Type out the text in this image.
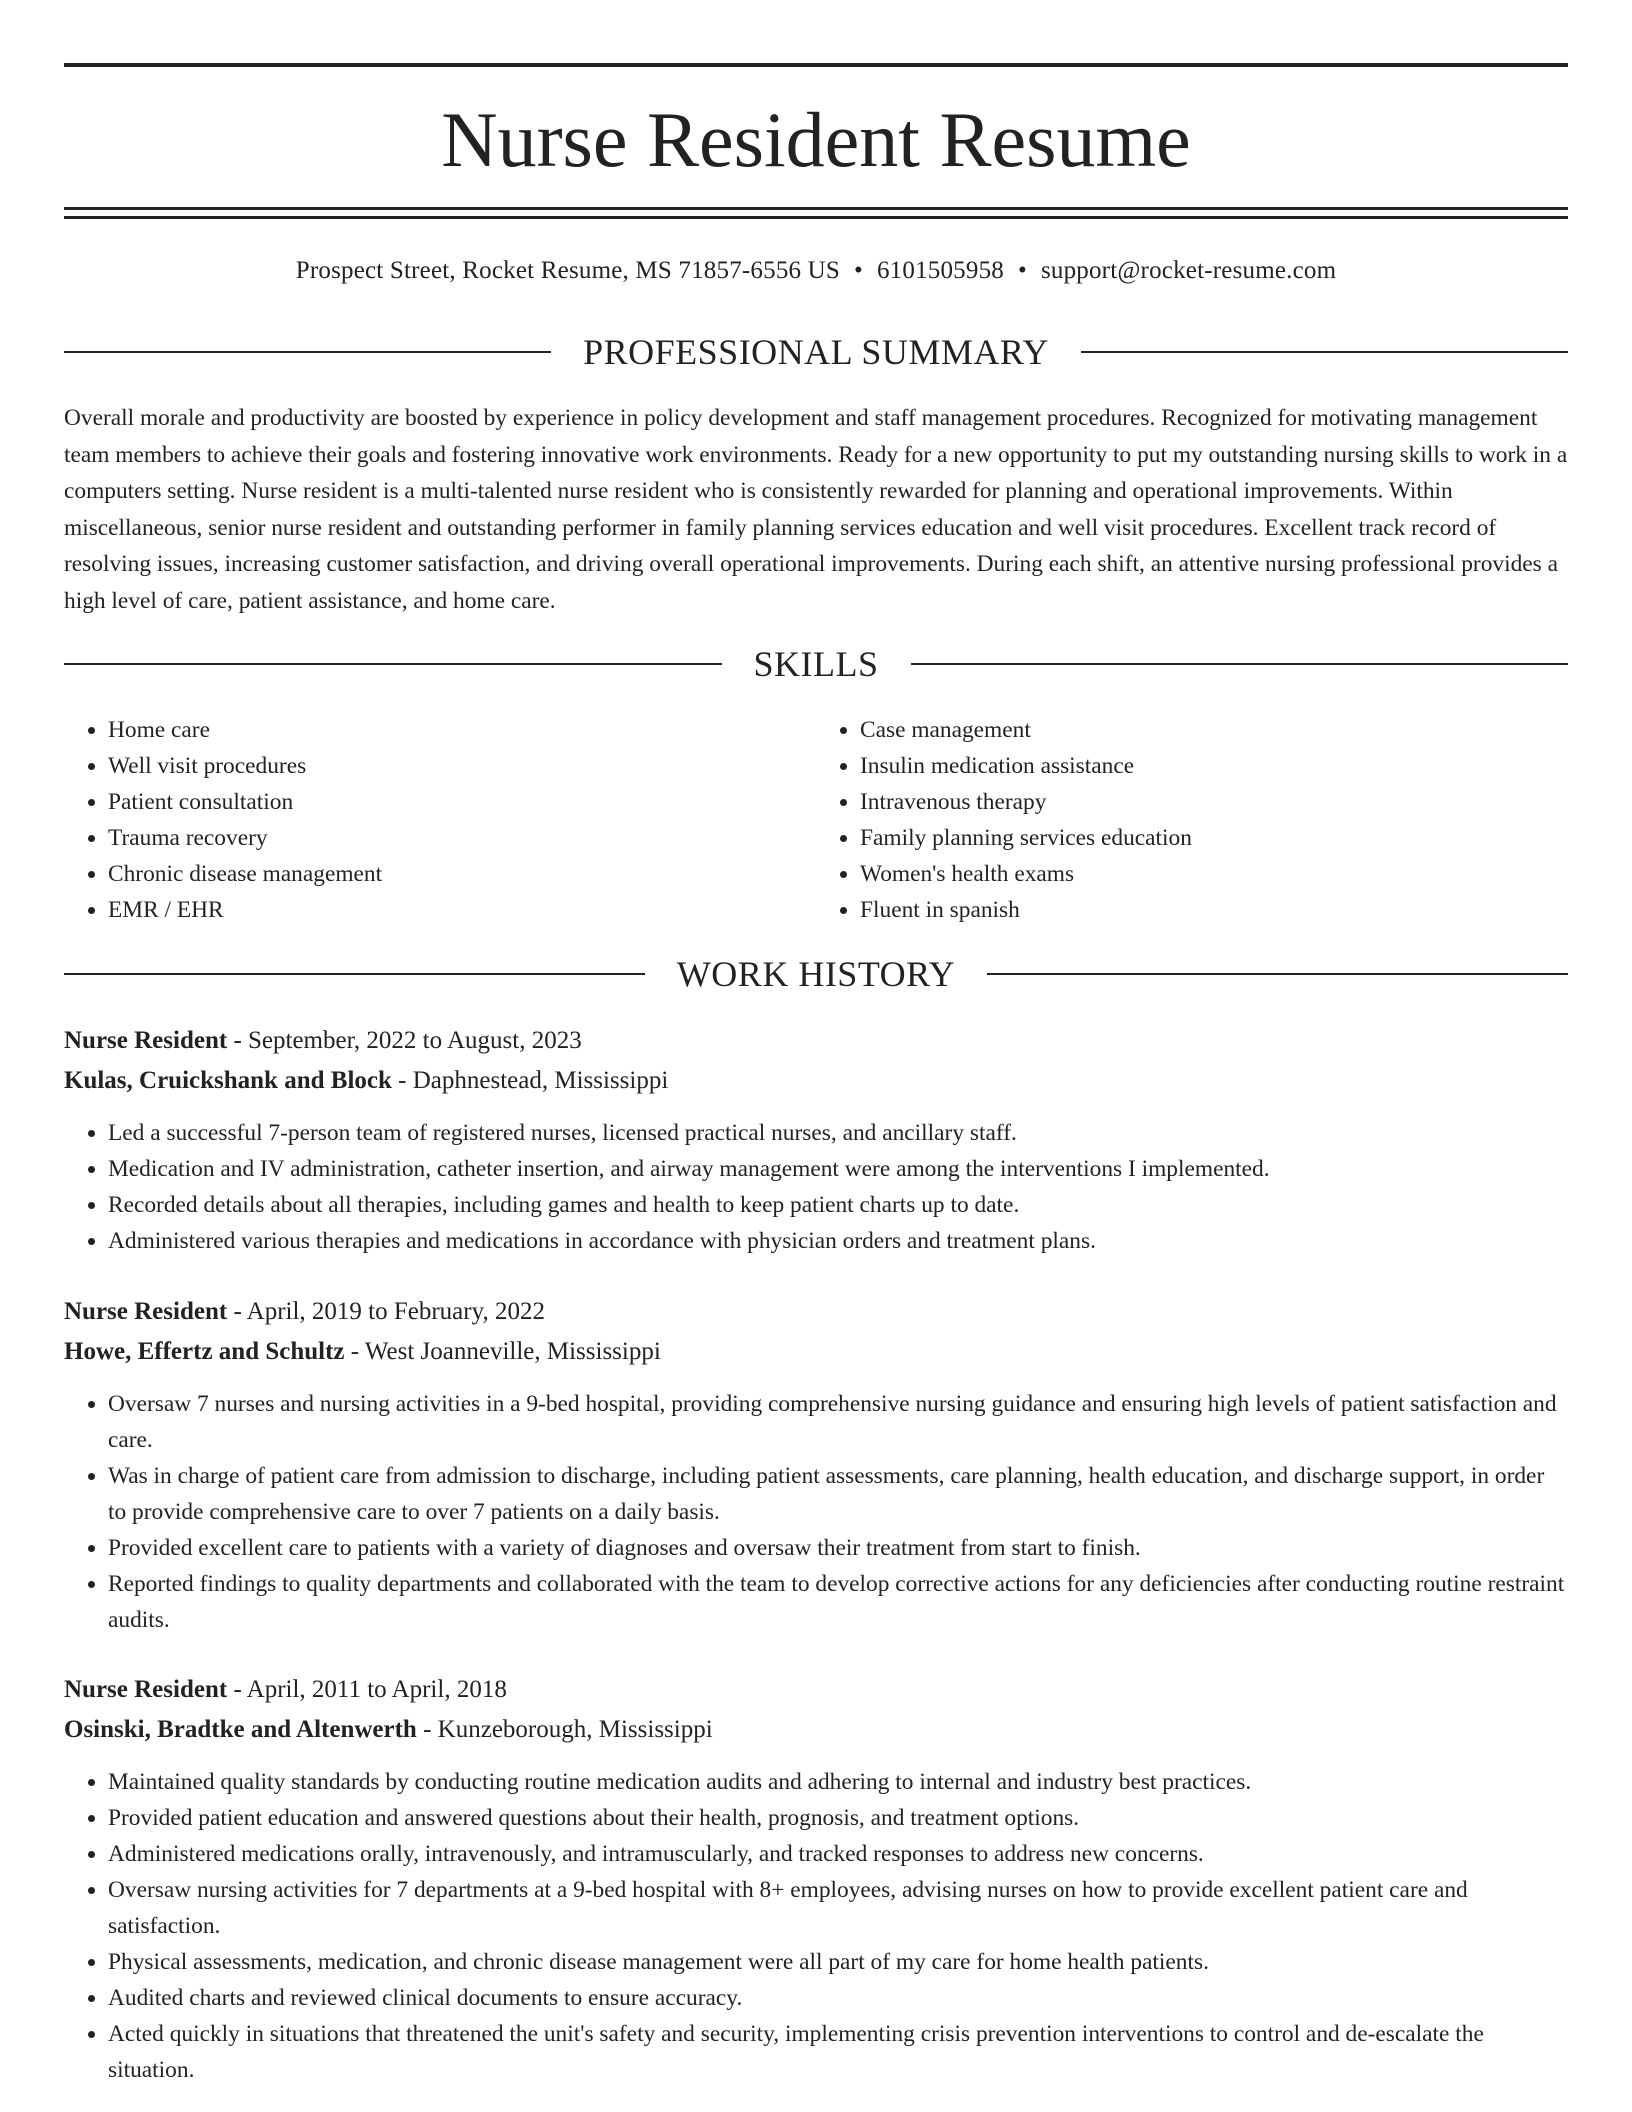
Nurse Resident Resume
Prospect Street, Rocket Resume, MS 71857-6556 US • 6101505958 • support@rocket-resume.com
PROFESSIONAL SUMMARY

Overall morale and productivity are boosted by experience in policy development and staff management procedures. Recognized for motivating management team members to achieve their goals and fostering innovative work environments. Ready for a new opportunity to put my outstanding nursing skills to work in a computers setting. Nurse resident is a multi-talented nurse resident who is consistently rewarded for planning and operational improvements. Within miscellaneous, senior nurse resident and outstanding performer in family planning services education and well visit procedures. Excellent track record of resolving issues, increasing customer satisfaction, and driving overall operational improvements. During each shift, an attentive nursing professional provides a high level of care, patient assistance, and home care.

SKILLS
• Home care
• Well visit procedures
• Patient consultation
• Trauma recovery
• Chronic disease management
• EMR / EHR
• Case management
• Insulin medication assistance
• Intravenous therapy
• Family planning services education
• Women's health exams
• Fluent in spanish
WORK HISTORY
Nurse Resident - September, 2022 to August, 2023
Kulas, Cruickshank and Block - Daphnestead, Mississippi
• Led a successful 7-person team of registered nurses, licensed practical nurses, and ancillary staff.
• Medication and IV administration, catheter insertion, and airway management were among the interventions I implemented.
• Recorded details about all therapies, including games and health to keep patient charts up to date.
• Administered various therapies and medications in accordance with physician orders and treatment plans.
Nurse Resident - April, 2019 to February, 2022
Howe, Effertz and Schultz - West Joanneville, Mississippi
• Oversaw 7 nurses and nursing activities in a 9-bed hospital, providing comprehensive nursing guidance and ensuring high levels of patient satisfaction and care.
• Was in charge of patient care from admission to discharge, including patient assessments, care planning, health education, and discharge support, in order to provide comprehensive care to over 7 patients on a daily basis.
• Provided excellent care to patients with a variety of diagnoses and oversaw their treatment from start to finish.
• Reported findings to quality departments and collaborated with the team to develop corrective actions for any deficiencies after conducting routine restraint audits.
Nurse Resident - April, 2011 to April, 2018
Osinski, Bradtke and Altenwerth - Kunzeborough, Mississippi
• Maintained quality standards by conducting routine medication audits and adhering to internal and industry best practices.
• Provided patient education and answered questions about their health, prognosis, and treatment options.
• Administered medications orally, intravenously, and intramuscularly, and tracked responses to address new concerns.
• Oversaw nursing activities for 7 departments at a 9-bed hospital with 8+ employees, advising nurses on how to provide excellent patient care and satisfaction.
• Physical assessments, medication, and chronic disease management were all part of my care for home health patients.
• Audited charts and reviewed clinical documents to ensure accuracy.
• Acted quickly in situations that threatened the unit's safety and security, implementing crisis prevention interventions to control and de-escalate the situation.
